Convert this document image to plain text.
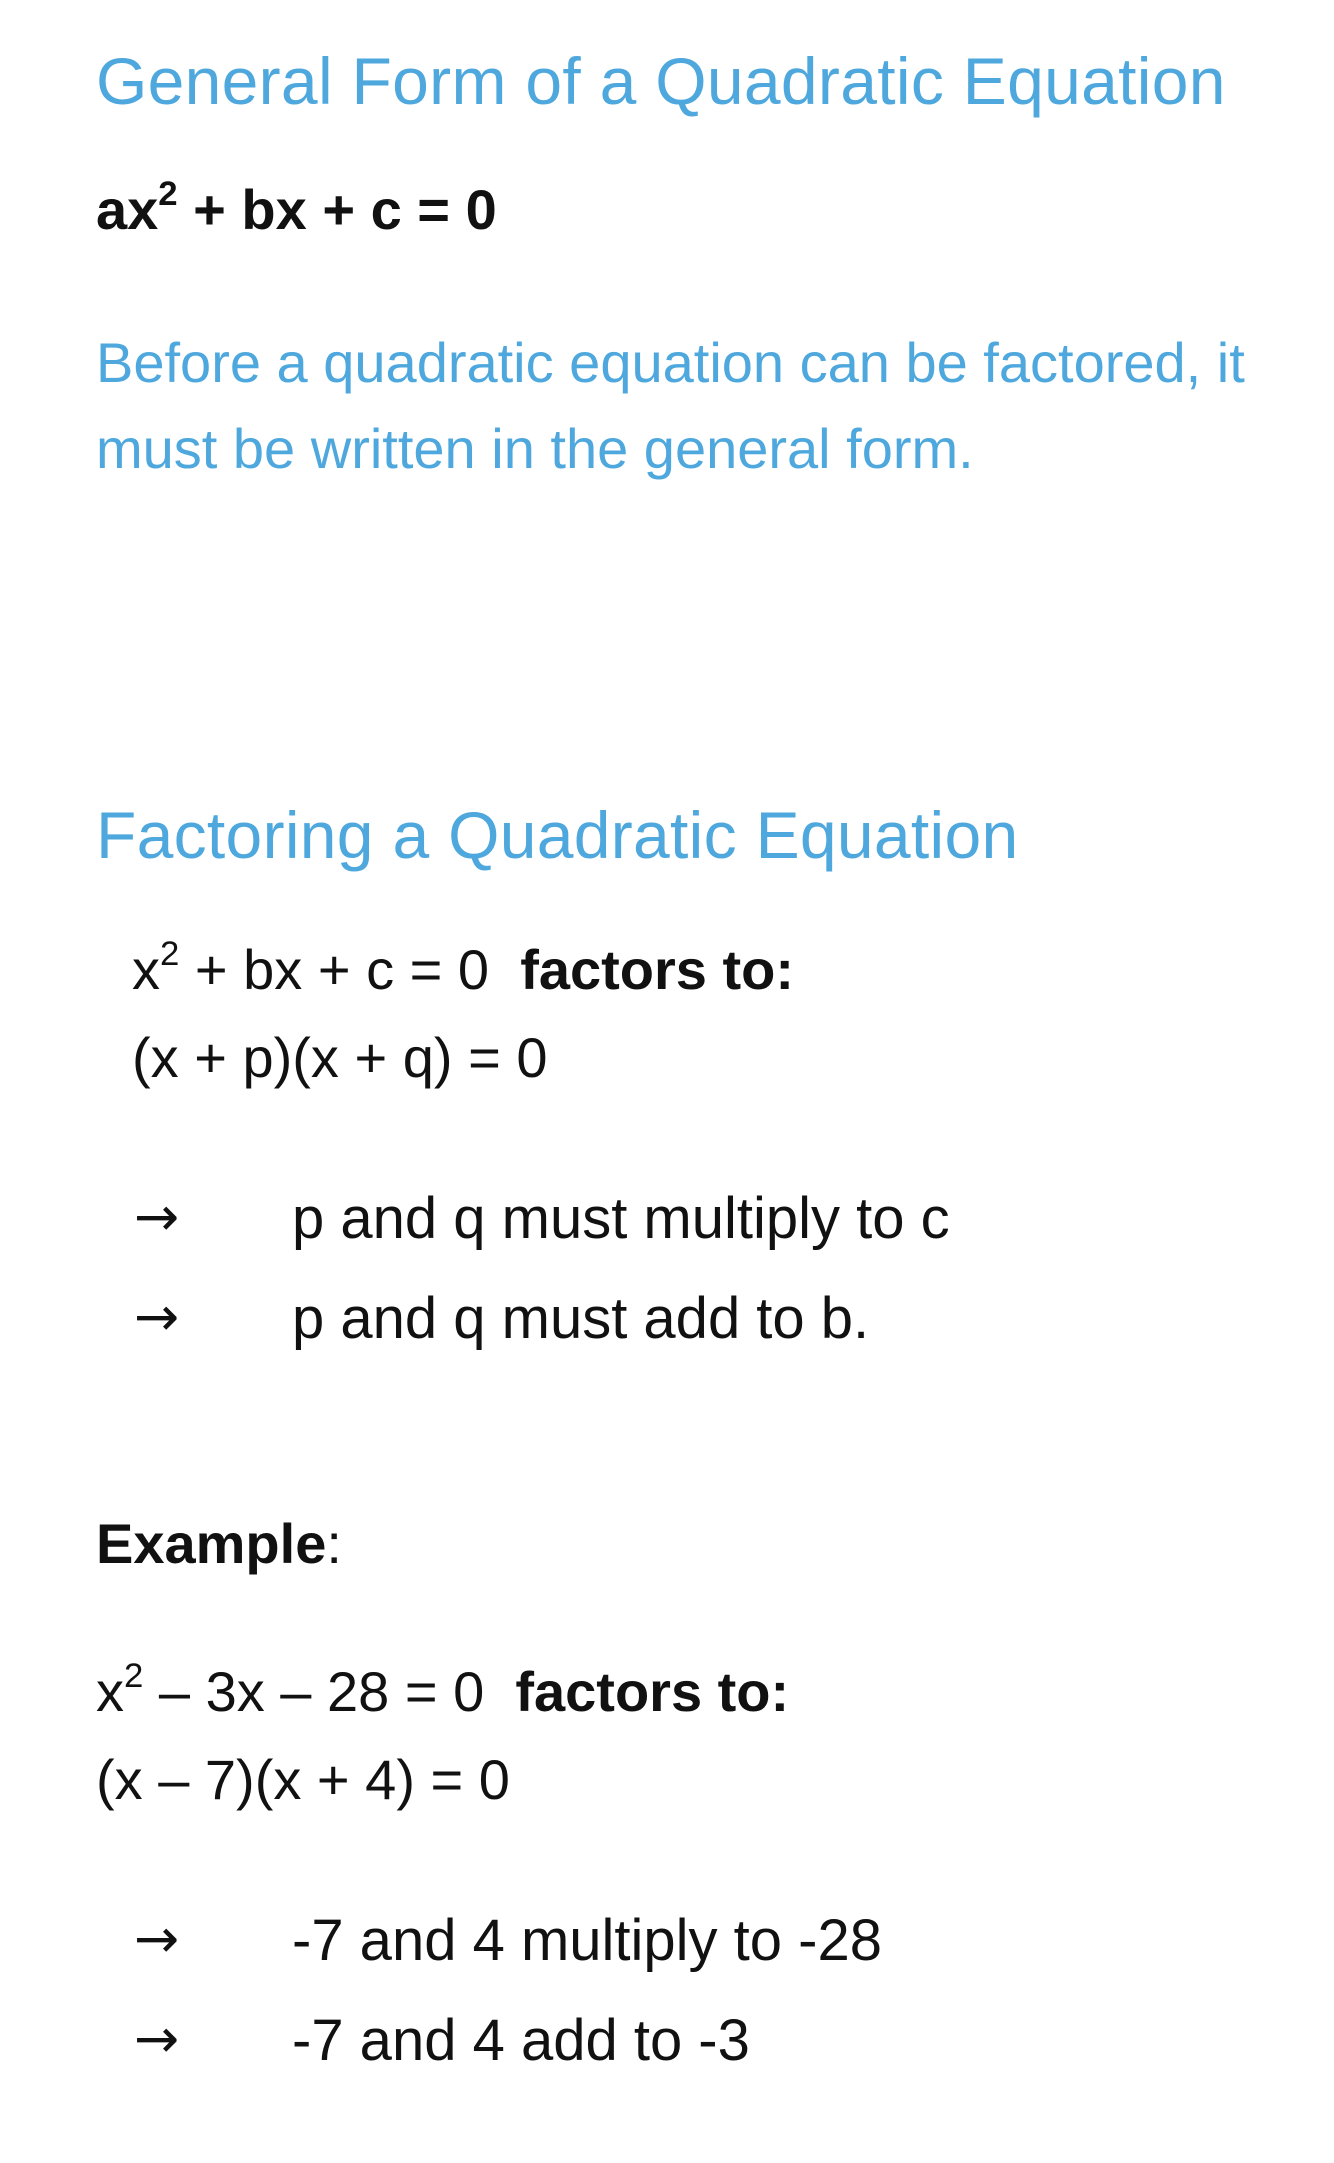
General Form of a Quadratic Equation
$ax^2$ + bx + c = 0
Before a quadratic equation can be factored, it must be written in the general form.
Factoring a Quadratic Equation
$x^2$ + bx + c = 0 factors to:
(x + p)(x + q) = 0
→ p and q must multiply to c
→ p and q must add to b.
Example:
$x^2 - 3x - 28 = 0$ factors to:
(x – 7)(x + 4) = 0
→ -7 and 4 multiply to -28
→ -7 and 4 add to -3
